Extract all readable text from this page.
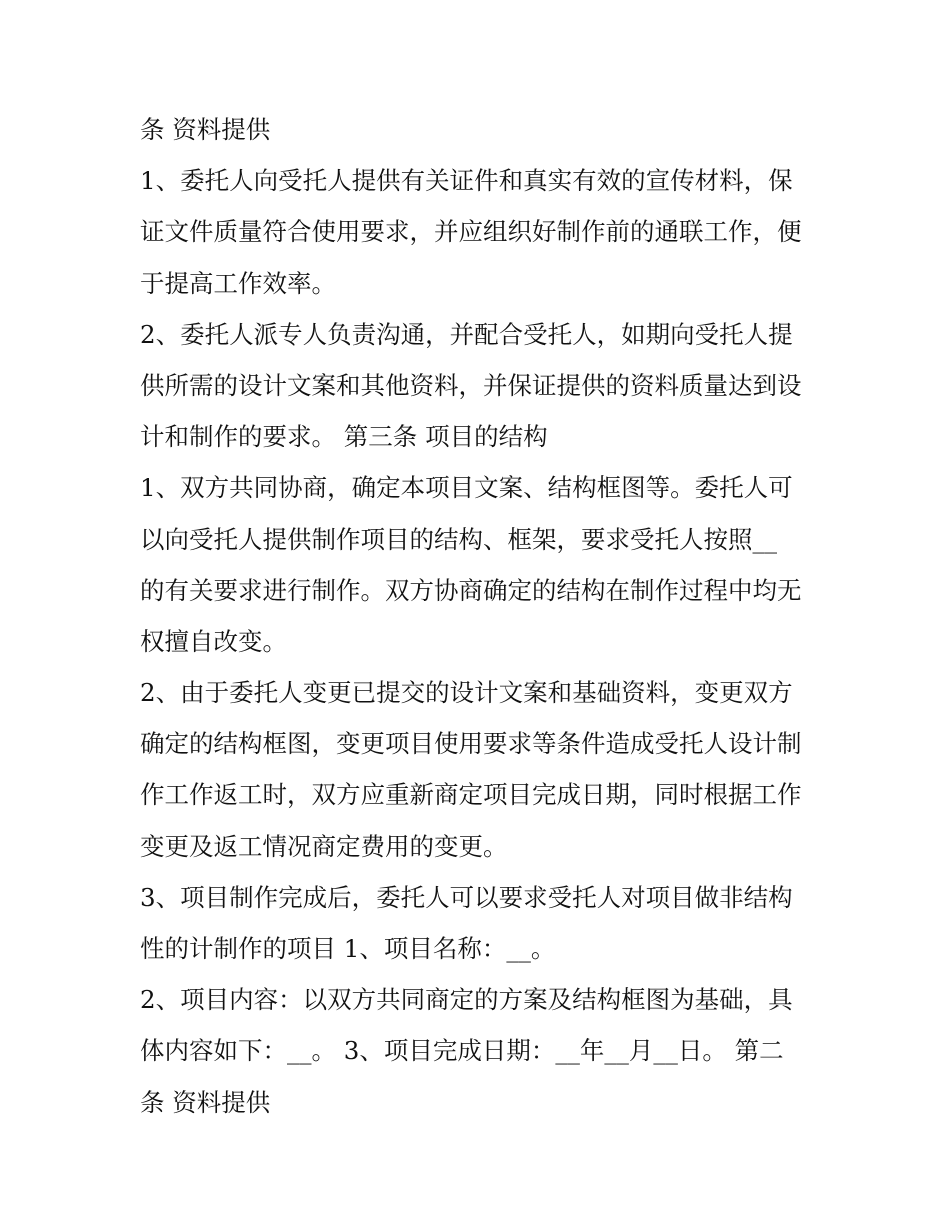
条 资料提供
1、委托人向受托人提供有关证件和真实有效的宣传材料，保
证文件质量符合使用要求，并应组织好制作前的通联工作，便
于提高工作效率。
2、委托人派专人负责沟通，并配合受托人，如期向受托人提
供所需的设计文案和其他资料，并保证提供的资料质量达到设
计和制作的要求。 第三条 项目的结构
1、双方共同协商，确定本项目文案、结构框图等。委托人可
以向受托人提供制作项目的结构、框架，要求受托人按照__
的有关要求进行制作。双方协商确定的结构在制作过程中均无
权擅自改变。
2、由于委托人变更已提交的设计文案和基础资料，变更双方
确定的结构框图，变更项目使用要求等条件造成受托人设计制
作工作返工时，双方应重新商定项目完成日期，同时根据工作
变更及返工情况商定费用的变更。
3、项目制作完成后，委托人可以要求受托人对项目做非结构
性的计制作的项目 1、项目名称：__。
2、项目内容：以双方共同商定的方案及结构框图为基础，具
体内容如下：__。 3、项目完成日期：__年__月__日。 第二
条 资料提供
